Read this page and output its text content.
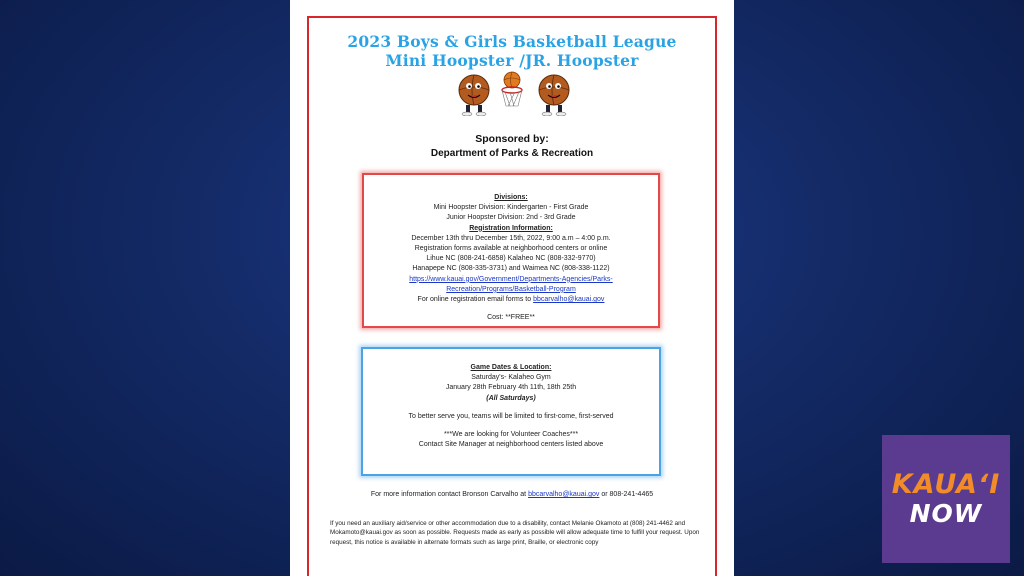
2023 Boys & Girls Basketball League
Mini Hoopster /JR. Hoopster
Sponsored by:
Department of Parks & Recreation
Divisions:
Mini Hoopster Division: Kindergarten - First Grade
Junior Hoopster Division: 2nd - 3rd Grade
Registration Information:
December 13th thru December 15th, 2022, 9:00 a.m – 4:00 p.m.
Registration forms available at neighborhood centers or online
Lihue NC (808-241-6858) Kalaheo NC (808-332-9770)
Hanapepe NC (808-335-3731) and Waimea NC (808-338-1122)
https://www.kauai.gov/Government/Departments-Agencies/Parks-
Recreation/Programs/Basketball-Program
For online registration email forms to bbcarvalho@kauai.gov
Cost: **FREE**
Game Dates & Location:
Saturday's- Kalaheo Gym
January 28th February 4th 11th, 18th 25th
(All Saturdays)
To better serve you, teams will be limited to first-come, first-served
***We are looking for Volunteer Coaches***
Contact Site Manager at neighborhood centers listed above
For more information contact Bronson Carvalho at bbcarvalho@kauai.gov or 808-241-4465
If you need an auxiliary aid/service or other accommodation due to a disability, contact Melanie Okamoto at (808) 241-4462 and Mokamoto@kauai.gov as soon as possible. Requests made as early as possible will allow adequate time to fulfill your request. Upon request, this notice is available in alternate formats such as large print, Braille, or electronic copy
KAUAʻI
NOW
